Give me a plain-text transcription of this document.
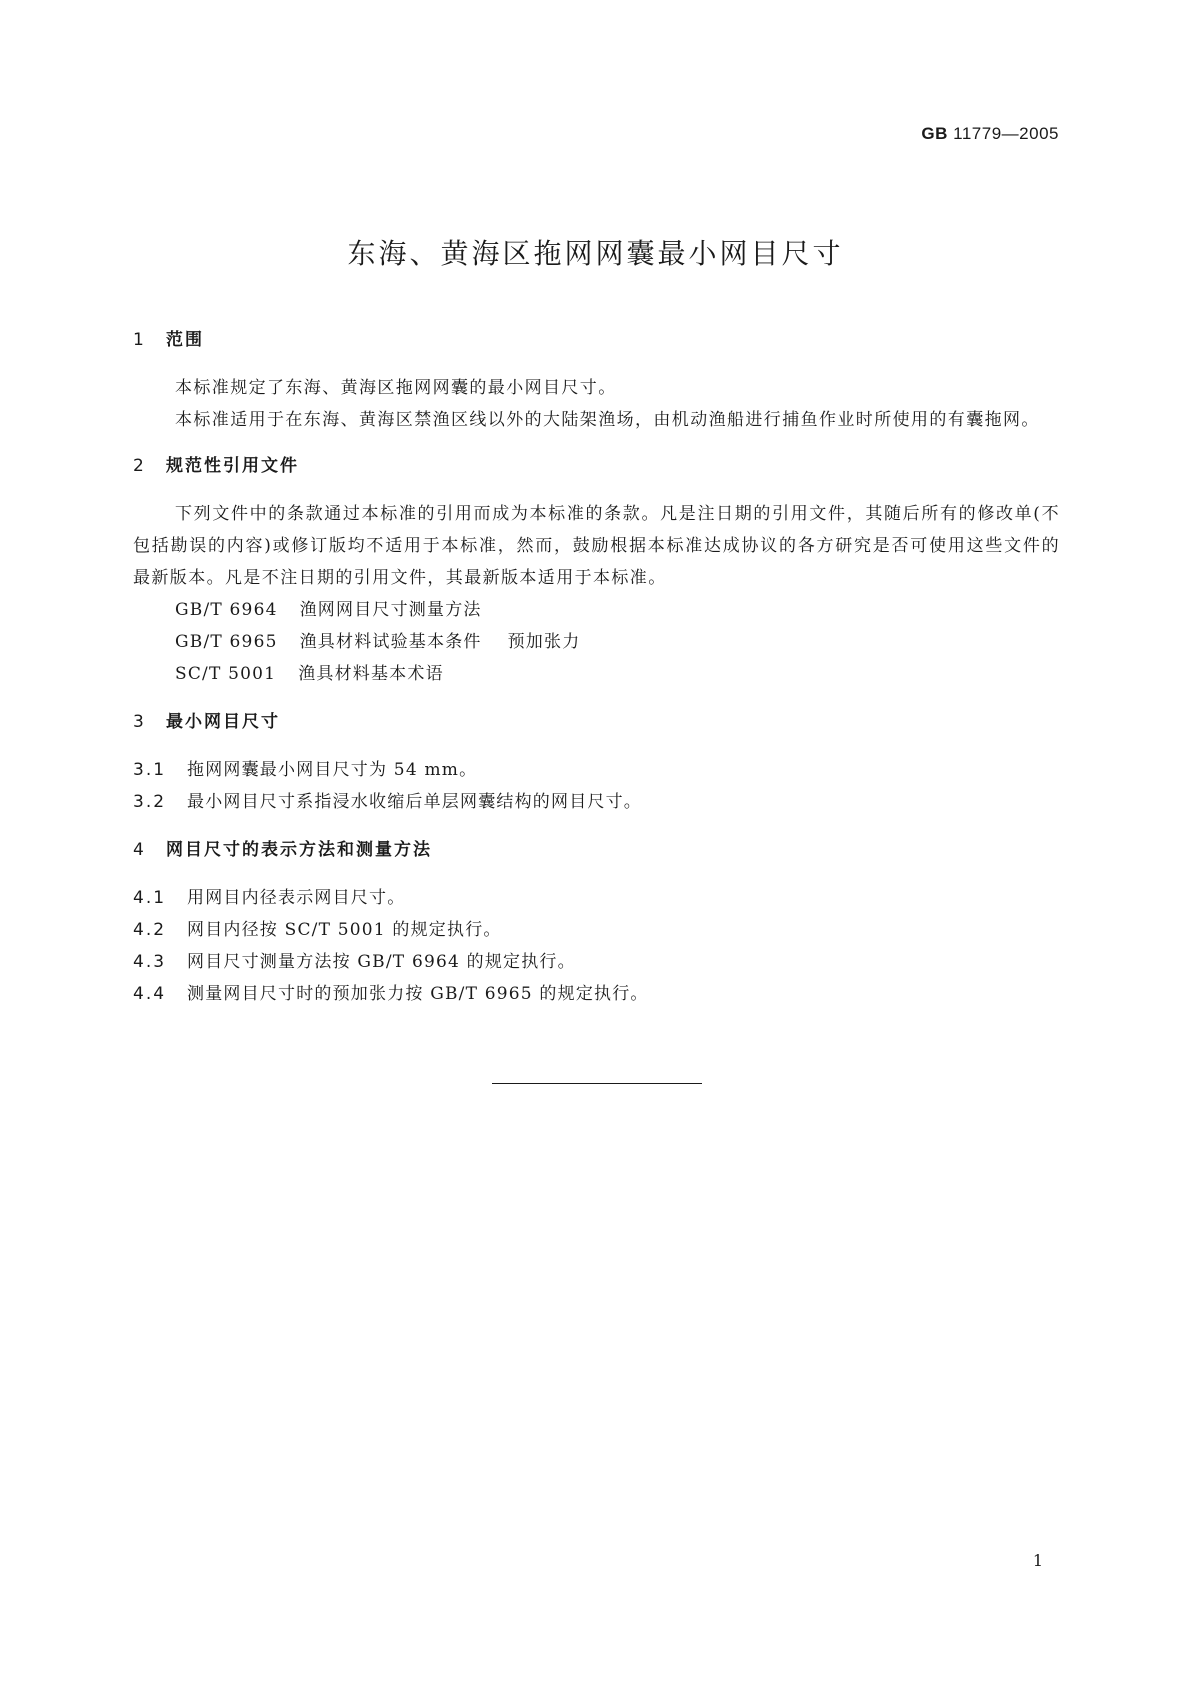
GB 11779—2005
东海、黄海区拖网网囊最小网目尺寸
1 范围
本标准规定了东海、黄海区拖网网囊的最小网目尺寸。
本标准适用于在东海、黄海区禁渔区线以外的大陆架渔场，由机动渔船进行捕鱼作业时所使用的有囊拖网。
2 规范性引用文件
下列文件中的条款通过本标准的引用而成为本标准的条款。凡是注日期的引用文件，其随后所有的修改单(不包括勘误的内容)或修订版均不适用于本标准，然而，鼓励根据本标准达成协议的各方研究是否可使用这些文件的最新版本。凡是不注日期的引用文件，其最新版本适用于本标准。
GB/T 6964 渔网网目尺寸测量方法
GB/T 6965 渔具材料试验基本条件 预加张力
SC/T 5001 渔具材料基本术语
3 最小网目尺寸
3.1 拖网网囊最小网目尺寸为 54 mm。
3.2 最小网目尺寸系指浸水收缩后单层网囊结构的网目尺寸。
4 网目尺寸的表示方法和测量方法
4.1 用网目内径表示网目尺寸。
4.2 网目内径按 SC/T 5001 的规定执行。
4.3 网目尺寸测量方法按 GB/T 6964 的规定执行。
4.4 测量网目尺寸时的预加张力按 GB/T 6965 的规定执行。
1
